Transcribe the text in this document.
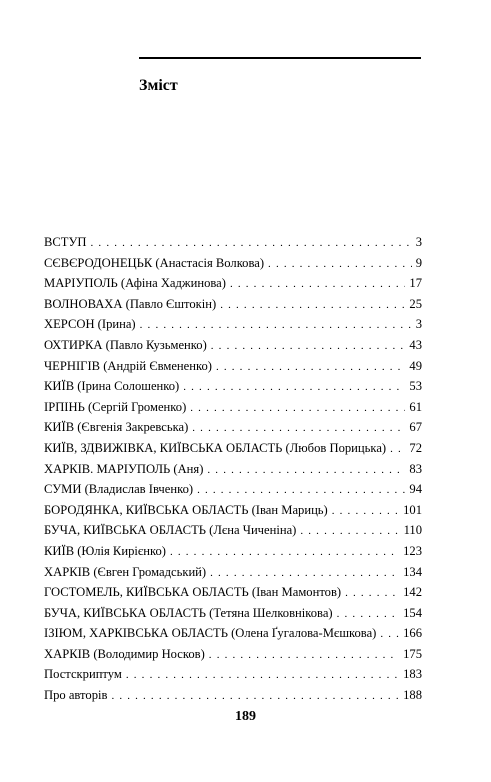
Зміст
ВСТУП . . .	3
СЄВЄРОДОНЕЦЬК (Анастасія Волкова) . . .	9
МАРІУПОЛЬ (Афіна Хаджинова) . . .	17
ВОЛНОВАХА (Павло Єштокін) . . .	25
ХЕРСОН (Ірина) . . .	3
ОХТИРКА (Павло Кузьменко) . . .	43
ЧЕРНІГІВ (Андрій Євмененко) . . .	49
КИЇВ (Ірина Солошенко) . . .	53
ІРПІНЬ (Сергій Громенко) . . .	61
КИЇВ (Євгенія Закревська) . . .	67
КИЇВ, ЗДВИЖІВКА, КИЇВСЬКА ОБЛАСТЬ (Любов Порицька) . . . 72
ХАРКІВ. МАРІУПОЛЬ (Аня) . . .	83
СУМИ (Владислав Івченко) . . .	94
БОРОДЯНКА, КИЇВСЬКА ОБЛАСТЬ (Іван Мариць) . . .	101
БУЧА, КИЇВСЬКА ОБЛАСТЬ (Лєна Чиченіна) . . .	110
КИЇВ (Юлія Кирієнко) . . .	123
ХАРКІВ (Євген Громадський) . . .	134
ГОСТОМЕЛЬ, КИЇВСЬКА ОБЛАСТЬ (Іван Мамонтов) . . .	142
БУЧА, КИЇВСЬКА ОБЛАСТЬ (Тетяна Шелковнікова) . . .	154
ІЗІЮМ, ХАРКІВСЬКА ОБЛАСТЬ (Олена Ґугалова-Мєшкова) . . . 166
ХАРКІВ (Володимир Носков) . . .	175
Постскриптум . . .	183
Про авторів . . .	188
189
